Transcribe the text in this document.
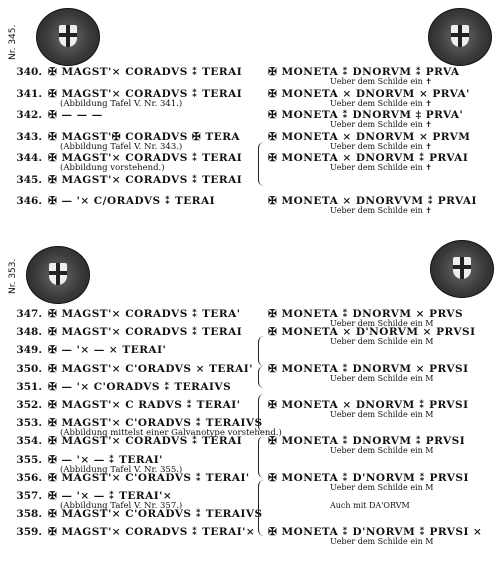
Nr. 345.
340. ✠ MAGST'× CORADVS ⁑ TERAI ✠ MONETA ⁑ DNORVM ⁑ PRVA
Ueber dem Schilde ein ✝
341. ✠ MAGST'× CORADVS ⁑ TERAI ✠ MONETA × DNORVM × PRVA'
Ueber dem Schilde ein ✝
(Abbildung Tafel V. Nr. 341.)
342. ✠ — — —	✠ MONETA ⁑ DNORVM ‡ PRVA'
Ueber dem Schilde ein ✝
343. ✠ MAGST'✠ CORADVS ✠ TERA	✠ MONETA × DNORVM × PRVM
Ueber dem Schilde ein ✝
(Abbildung Tafel V. Nr. 343.)
344. ✠ MAGST'× CORADVS ⁑ TERAI ✠ MONETA × DNORVM ⁑ PRVAI
Ueber dem Schilde ein ✝
(Abbildung vorstehend.)
345. ✠ MAGST'× CORADVS ⁑ TERAI
346. ✠ — '× C/ORADVS ⁑ TERAI	✠ MONETA × DNORVVM ⁑ PRVAI
Ueber dem Schilde ein ✝
Nr. 353.
347. ✠ MAGST'× CORADVS ⁑ TERA'	✠ MONETA ⁑ DNORVM × PRVS
Ueber dem Schilde ein M
348. ✠ MAGST'× CORADVS ⁑ TERAI ✠ MONETA × D'NORVM × PRVSI
Ueber dem Schilde ein M
349. ✠ — '× — × TERAI'
350. ✠ MAGST'× C'ORADVS × TERAI' ✠ MONETA ⁑ DNORVM × PRVSI
Ueber dem Schilde ein M
351. ✠ — '× C'ORADVS ⁑ TERAIVS
352. ✠ MAGST'× C RADVS ⁑ TERAI'	✠ MONETA × DNORVM ⁑ PRVSI
Ueber dem Schilde ein M
353. ✠ MAGST'× C'ORADVS ⁑ TERAIVS
(Abbildung mittelst einer Galvanotype vorstehend.)
354. ✠ MAGST'× CORADVS ⁑ TERAI ✠ MONETA ⁑ DNORVM ⁑ PRVSI
Ueber dem Schilde ein M
355. ✠ — '× — ⁑ TERAI'
(Abbildung Tafel V. Nr. 355.)
356. ✠ MAGST'× C'ORADVS ⁑ TERAI' ✠ MONETA ⁑ D'NORVM ⁑ PRVSI
Ueber dem Schilde ein M
357. ✠ — '× — ⁑ TERAI'×
Auch mit DA'ORVM
(Abbildung Tafel V. Nr. 357.)
358. ✠ MAGST'× C'ORADVS ⁑ TERAIVS
359. ✠ MAGST'× CORADVS ⁑ TERAI'× ✠ MONETA ⁑ D'NORVM ⁑ PRVSI ×
Ueber dem Schilde ein M
